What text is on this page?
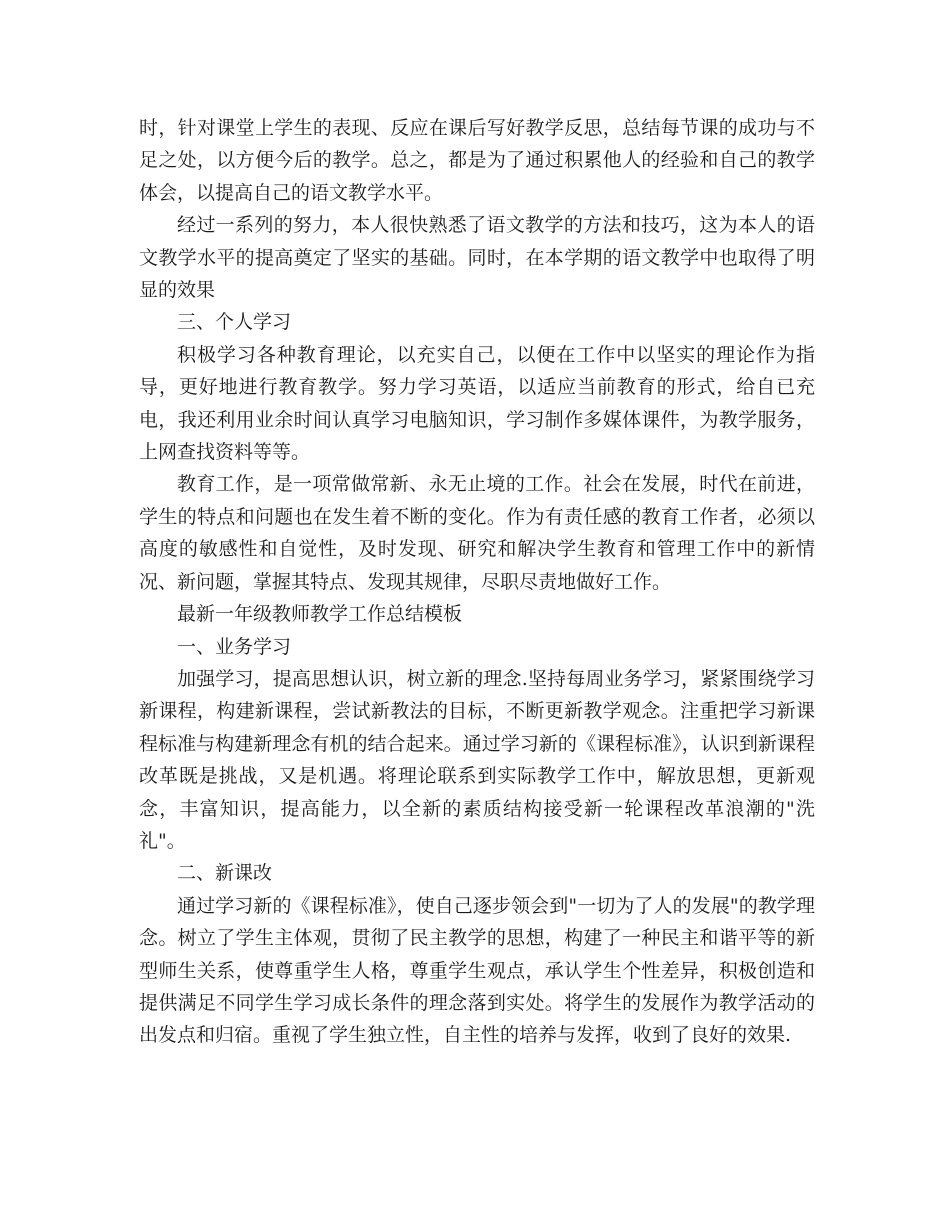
时，针对课堂上学生的表现、反应在课后写好教学反思，总结每节课的成功与不足之处，以方便今后的教学。总之，都是为了通过积累他人的经验和自己的教学体会，以提高自己的语文教学水平。

经过一系列的努力，本人很快熟悉了语文教学的方法和技巧，这为本人的语文教学水平的提高奠定了坚实的基础。同时，在本学期的语文教学中也取得了明显的效果

三、个人学习

积极学习各种教育理论，以充实自己，以便在工作中以坚实的理论作为指导，更好地进行教育教学。努力学习英语，以适应当前教育的形式，给自已充电，我还利用业余时间认真学习电脑知识，学习制作多媒体课件，为教学服务，上网查找资料等等。

教育工作，是一项常做常新、永无止境的工作。社会在发展，时代在前进，学生的特点和问题也在发生着不断的变化。作为有责任感的教育工作者，必须以高度的敏感性和自觉性，及时发现、研究和解决学生教育和管理工作中的新情况、新问题，掌握其特点、发现其规律，尽职尽责地做好工作。

最新一年级教师教学工作总结模板

一、业务学习

加强学习，提高思想认识，树立新的理念.坚持每周业务学习，紧紧围绕学习新课程，构建新课程，尝试新教法的目标，不断更新教学观念。注重把学习新课程标准与构建新理念有机的结合起来。通过学习新的《课程标准》，认识到新课程改革既是挑战，又是机遇。将理论联系到实际教学工作中，解放思想，更新观念，丰富知识，提高能力，以全新的素质结构接受新一轮课程改革浪潮的"洗礼"。

二、新课改

通过学习新的《课程标准》，使自己逐步领会到"一切为了人的发展"的教学理念。树立了学生主体观，贯彻了民主教学的思想，构建了一种民主和谐平等的新型师生关系，使尊重学生人格，尊重学生观点，承认学生个性差异，积极创造和提供满足不同学生学习成长条件的理念落到实处。将学生的发展作为教学活动的出发点和归宿。重视了学生独立性，自主性的培养与发挥，收到了良好的效果.
